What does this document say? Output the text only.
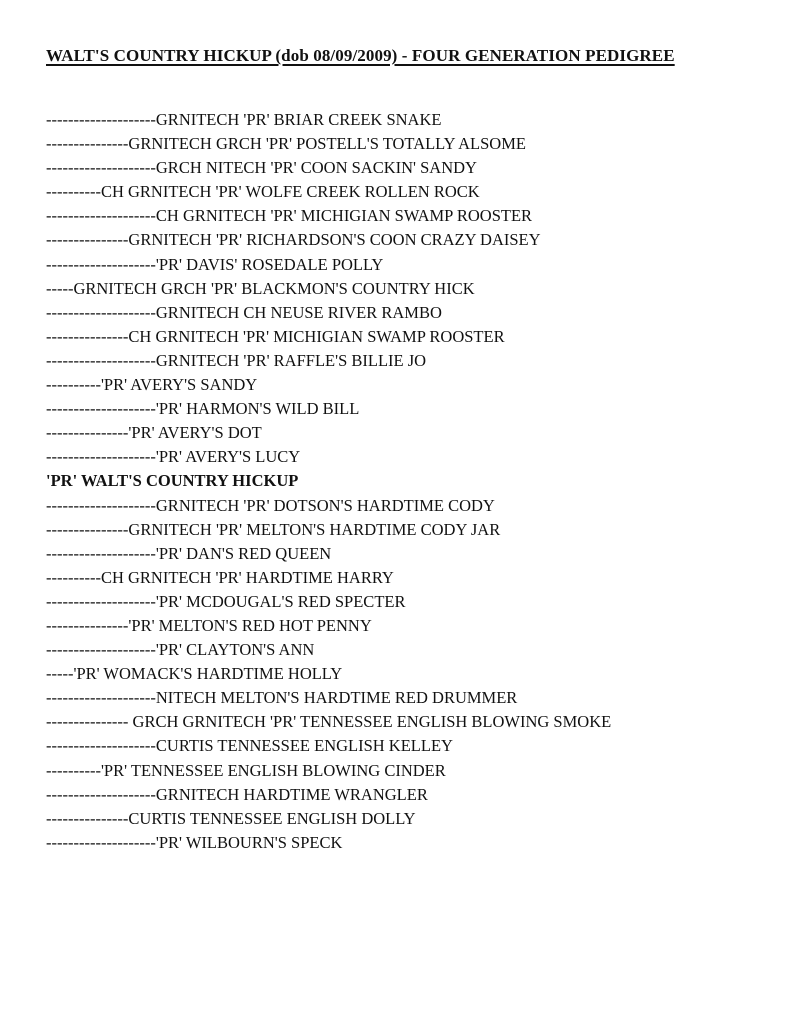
WALT'S COUNTRY HICKUP (dob 08/09/2009) - FOUR GENERATION PEDIGREE
--------------------GRNITECH 'PR' BRIAR CREEK SNAKE
---------------GRNITECH GRCH 'PR' POSTELL'S TOTALLY ALSOME
--------------------GRCH NITECH 'PR' COON SACKIN' SANDY
----------CH GRNITECH 'PR' WOLFE CREEK ROLLEN ROCK
--------------------CH GRNITECH 'PR' MICHIGIAN SWAMP ROOSTER
---------------GRNITECH 'PR' RICHARDSON'S COON CRAZY DAISEY
--------------------'PR' DAVIS' ROSEDALE POLLY
-----GRNITECH GRCH 'PR' BLACKMON'S COUNTRY HICK
--------------------GRNITECH CH NEUSE RIVER RAMBO
---------------CH GRNITECH 'PR' MICHIGIAN SWAMP ROOSTER
--------------------GRNITECH 'PR' RAFFLE'S BILLIE JO
----------'PR' AVERY'S SANDY
--------------------'PR' HARMON'S WILD BILL
---------------'PR' AVERY'S DOT
--------------------'PR' AVERY'S LUCY
'PR' WALT'S COUNTRY HICKUP
--------------------GRNITECH 'PR' DOTSON'S HARDTIME CODY
---------------GRNITECH 'PR' MELTON'S HARDTIME CODY JAR
--------------------'PR' DAN'S RED QUEEN
----------CH GRNITECH 'PR' HARDTIME HARRY
--------------------'PR' MCDOUGAL'S RED SPECTER
---------------'PR' MELTON'S RED HOT PENNY
--------------------'PR' CLAYTON'S ANN
-----'PR' WOMACK'S HARDTIME HOLLY
--------------------NITECH MELTON'S HARDTIME RED DRUMMER
--------------- GRCH GRNITECH 'PR' TENNESSEE ENGLISH BLOWING SMOKE
--------------------CURTIS TENNESSEE ENGLISH KELLEY
----------'PR' TENNESSEE ENGLISH BLOWING CINDER
--------------------GRNITECH HARDTIME WRANGLER
---------------CURTIS TENNESSEE ENGLISH DOLLY
--------------------'PR' WILBOURN'S SPECK
